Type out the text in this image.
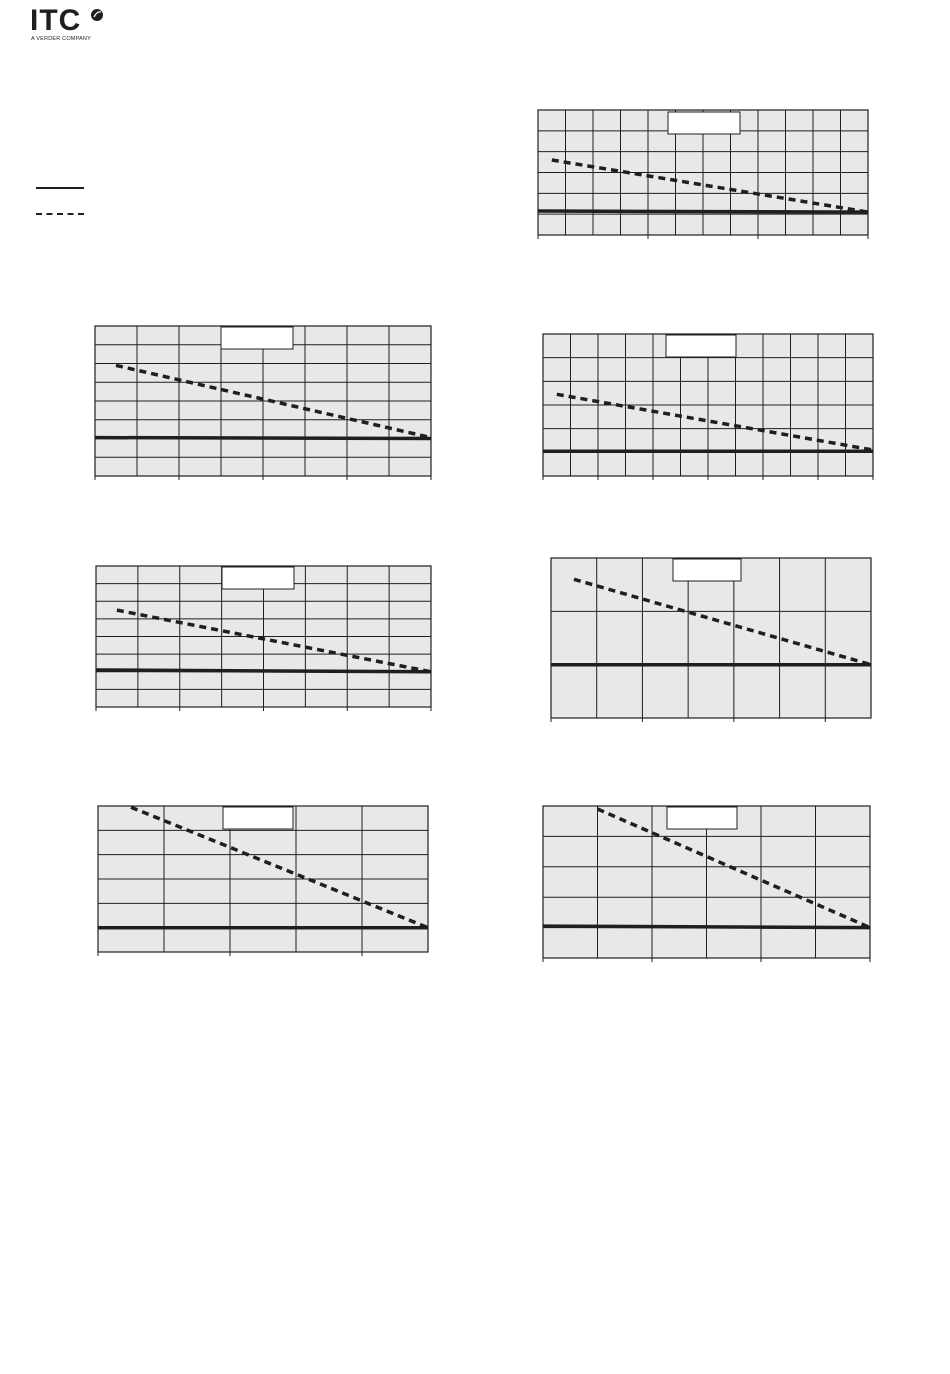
ITC
A VERDER COMPANY
